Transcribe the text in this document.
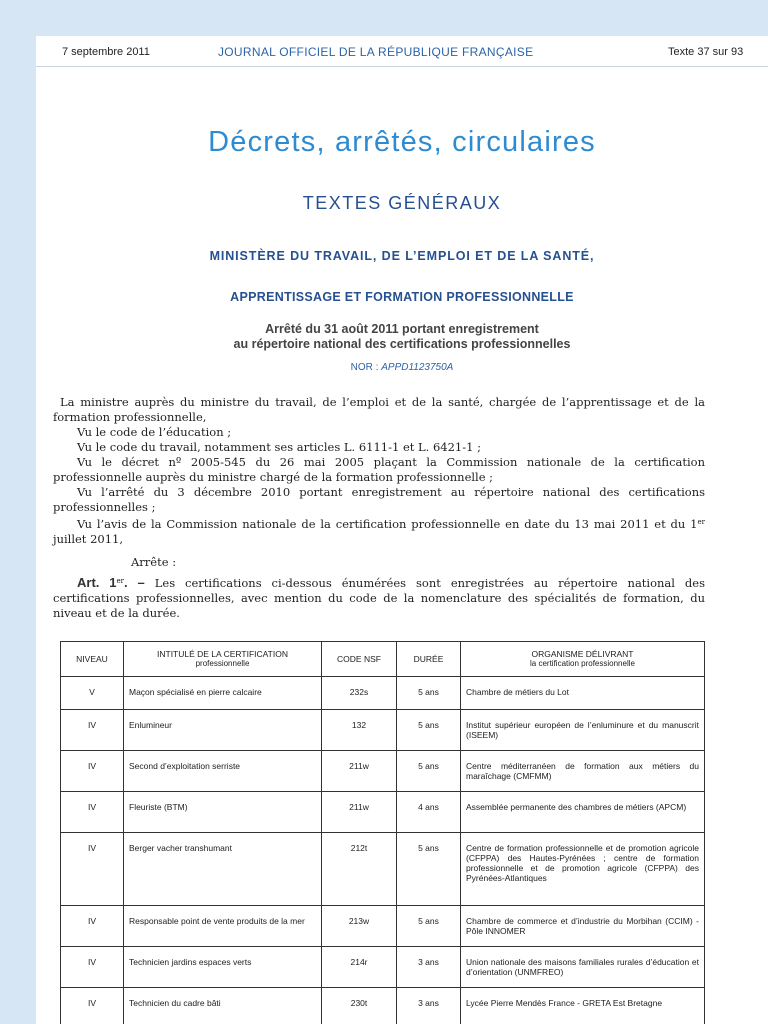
7 septembre 2011	JOURNAL OFFICIEL DE LA RÉPUBLIQUE FRANÇAISE	Texte 37 sur 93
Décrets, arrêtés, circulaires
TEXTES GÉNÉRAUX
MINISTÈRE DU TRAVAIL, DE L’EMPLOI ET DE LA SANTÉ,
APPRENTISSAGE ET FORMATION PROFESSIONNELLE
Arrêté du 31 août 2011 portant enregistrement
au répertoire national des certifications professionnelles
NOR : APPD1123750A

La ministre auprès du ministre du travail, de l’emploi et de la santé, chargée de l’apprentissage et de la formation professionnelle,

Vu le code de l’éducation ;

Vu le code du travail, notamment ses articles L. 6111-1 et L. 6421-1 ;

Vu le décret nº 2005-545 du 26 mai 2005 plaçant la Commission nationale de la certification professionnelle auprès du ministre chargé de la formation professionnelle ;

Vu l’arrêté du 3 décembre 2010 portant enregistrement au répertoire national des certifications professionnelles ;

Vu l’avis de la Commission nationale de la certification professionnelle en date du 13 mai 2011 et du 1er juillet 2011,

Arrête :

Art. 1er. – Les certifications ci-dessous énumérées sont enregistrées au répertoire national des certifications professionnelles, avec mention du code de la nomenclature des spécialités de formation, du niveau et de la durée.

NIVEAU	INTITULÉ DE LA CERTIFICATION
professionnelle	CODE NSF	DURÉE	ORGANISME DÉLIVRANT
la certification professionnelle

V	Maçon spécialisé en pierre calcaire	232s	5 ans	Chambre de métiers du Lot
IV	Enlumineur	132	5 ans	Institut supérieur européen de l’enluminure et du manuscrit (ISEEM)
IV	Second d’exploitation serriste	211w	5 ans	Centre méditerranéen de formation aux métiers du maraîchage (CMFMM)
IV	Fleuriste (BTM)	211w	4 ans	Assemblée permanente des chambres de métiers (APCM)
IV	Berger vacher transhumant	212t	5 ans	Centre de formation professionnelle et de promotion agricole (CFPPA) des Hautes-Pyrénées ; centre de formation professionnelle et de promotion agricole (CFPPA) des Pyrénées-Atlantiques
IV	Responsable point de vente produits de la mer	213w	5 ans	Chambre de commerce et d’industrie du Morbihan (CCIM) - Pôle INNOMER
IV	Technicien jardins espaces verts	214r	3 ans	Union nationale des maisons familiales rurales d’éducation et d’orientation (UNMFREO)
IV	Technicien du cadre bâti	230t	3 ans	Lycée Pierre Mendès France - GRETA Est Bretagne
